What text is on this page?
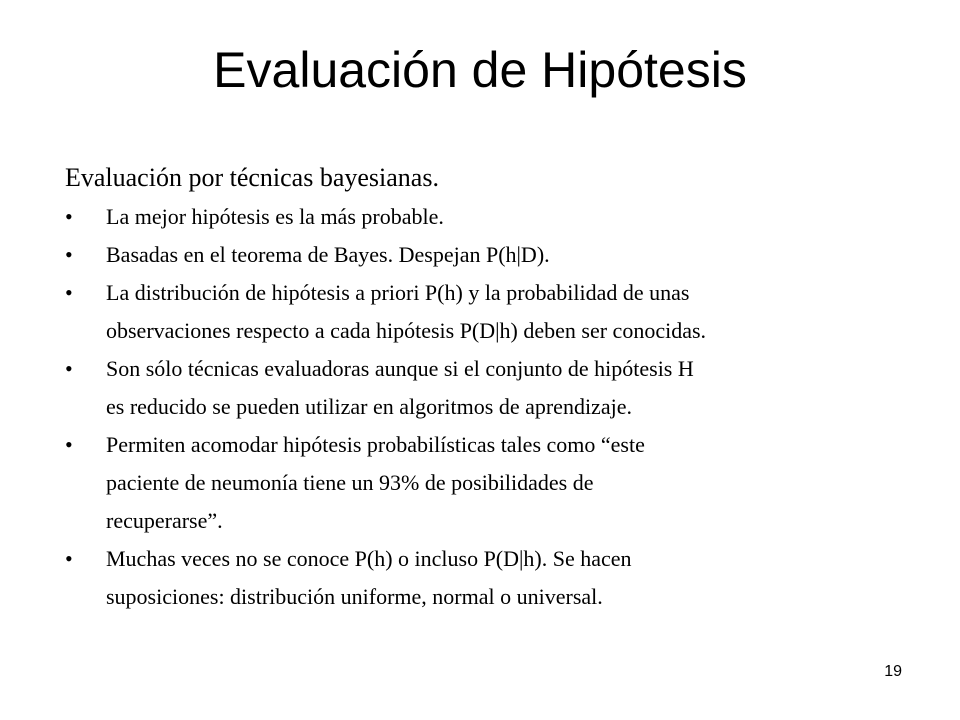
Evaluación de Hipótesis

Evaluación por técnicas bayesianas.

• La mejor hipótesis es la más probable.
• Basadas en el teorema de Bayes. Despejan P(h|D).
• La distribución de hipótesis a priori P(h) y la probabilidad de unas
observaciones respecto a cada hipótesis P(D|h) deben ser conocidas.
• Son sólo técnicas evaluadoras aunque si el conjunto de hipótesis H
es reducido se pueden utilizar en algoritmos de aprendizaje.
• Permiten acomodar hipótesis probabilísticas tales como “este
paciente de neumonía tiene un 93% de posibilidades de
recuperarse”.
• Muchas veces no se conoce P(h) o incluso P(D|h). Se hacen
suposiciones: distribución uniforme, normal o universal.
19
